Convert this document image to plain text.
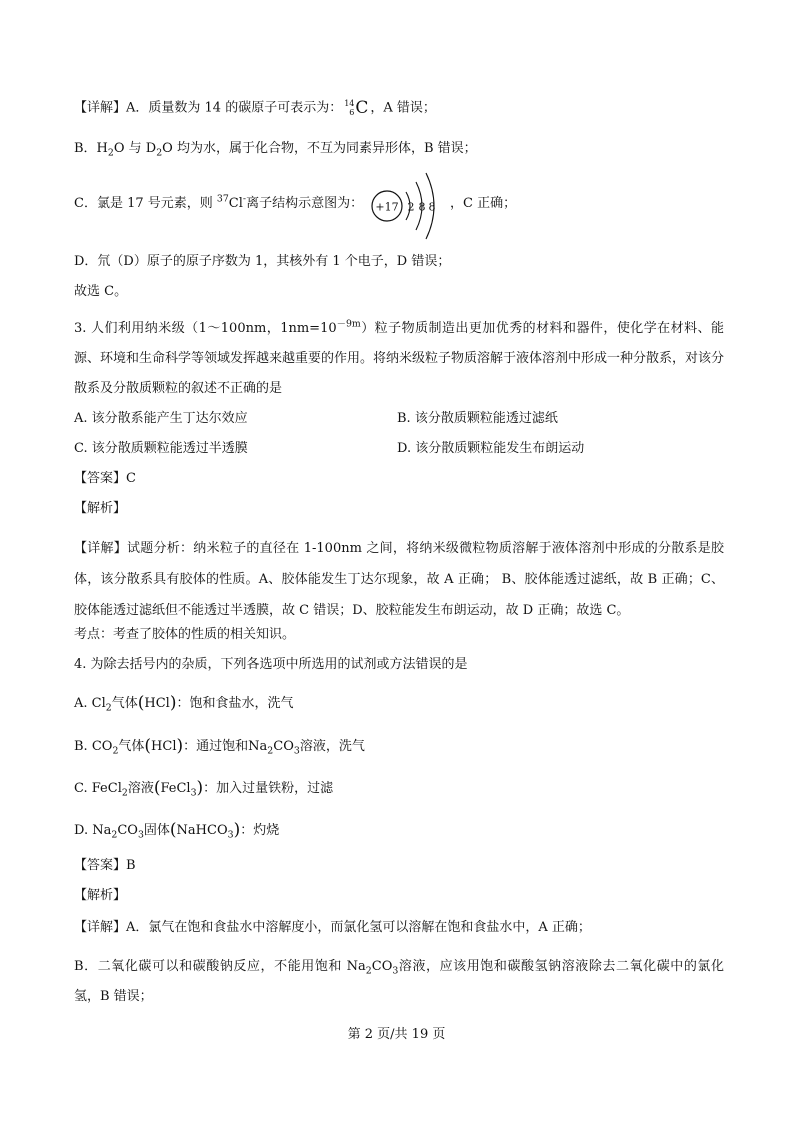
【详解】A．质量数为 14 的碳原子可表示为： 14
6 C ，A 错误；
B．$H_2O$ 与 $D_2O$ 均为水，属于化合物，不互为同素异形体，B 错误；
C．氯是 17 号元素，则 $^{37}$Cl-离子结构示意图为： +17 2 8 8 ，C 正确；
D．氘（D）原子的原子序数为 1，其核外有 1 个电子，D 错误；
故选 C。
3. 人们利用纳米级（1～100nm，$1nm=10^{-9m}$）粒子物质制造出更加优秀的材料和器件，使化学在材料、能源、环境和生命科学等领域发挥越来越重要的作用。将纳米级粒子物质溶解于液体溶剂中形成一种分散系，对该分散系及分散质颗粒的叙述不正确的是
A. 该分散系能产生丁达尔效应	B. 该分散质颗粒能透过滤纸
C. 该分散质颗粒能透过半透膜	D. 该分散质颗粒能发生布朗运动
【答案】C
【解析】
【详解】试题分析：纳米粒子的直径在 1-100nm 之间，将纳米级微粒物质溶解于液体溶剂中形成的分散系是胶体，该分散系具有胶体的性质。A、胶体能发生丁达尔现象，故 A 正确； B、胶体能透过滤纸，故 B 正确；C、胶体能透过滤纸但不能透过半透膜，故 C 错误；D、胶粒能发生布朗运动，故 D 正确；故选 C。
考点：考查了胶体的性质的相关知识。
4. 为除去括号内的杂质，下列各选项中所选用的试剂或方法错误的是
A. $Cl_2$气体(HCl)：饱和食盐水，洗气
B. $CO_2$气体(HCl)：通过饱和$Na_2CO_3$溶液，洗气
C. FeCl$_2$溶液(FeCl$_3$)：加入过量铁粉，过滤
D. $Na_2CO_3$固体(NaHCO$_3$)：灼烧
【答案】B
【解析】
【详解】A．氯气在饱和食盐水中溶解度小，而氯化氢可以溶解在饱和食盐水中，A 正确；
B．二氧化碳可以和碳酸钠反应，不能用饱和 $Na_2CO_3$溶液，应该用饱和碳酸氢钠溶液除去二氧化碳中的氯化氢，B 错误；
第 2 页/共 19 页
